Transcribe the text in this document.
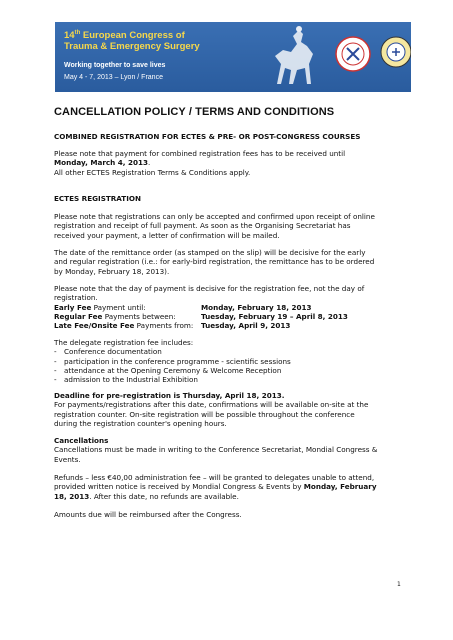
14th European Congress of
Trauma & Emergency Surgery
Working together to save lives
May 4 - 7, 2013 – Lyon / France
CANCELLATION POLICY / TERMS AND CONDITIONS
COMBINED REGISTRATION FOR ECTES & PRE- OR POST-CONGRESS COURSES
Please note that payment for combined registration fees has to be received until
Monday, March 4, 2013.
All other ECTES Registration Terms & Conditions apply.
ECTES REGISTRATION
Please note that registrations can only be accepted and confirmed upon receipt of online
registration and receipt of full payment. As soon as the Organising Secretariat has
received your payment, a letter of confirmation will be mailed.
The date of the remittance order (as stamped on the slip) will be decisive for the early
and regular registration (i.e.: for early-bird registration, the remittance has to be ordered
by Monday, February 18, 2013).
Please note that the day of payment is decisive for the registration fee, not the day of
registration.
Early Fee Payment until:	Monday, February 18, 2013
Regular Fee Payments between:	Tuesday, February 19 – April 8, 2013
Late Fee/Onsite Fee Payments from:	Tuesday, April 9, 2013
The delegate registration fee includes:
-	Conference documentation
-	participation in the conference programme - scientific sessions
-	attendance at the Opening Ceremony & Welcome Reception
-	admission to the Industrial Exhibition
Deadline for pre-registration is Thursday, April 18, 2013.
For payments/registrations after this date, confirmations will be available on-site at the
registration counter. On-site registration will be possible throughout the conference
during the registration counter's opening hours.
Cancellations
Cancellations must be made in writing to the Conference Secretariat, Mondial Congress &
Events.
Refunds – less €40,00 administration fee – will be granted to delegates unable to attend,
provided written notice is received by Mondial Congress & Events by Monday, February
18, 2013. After this date, no refunds are available.
Amounts due will be reimbursed after the Congress.
1
